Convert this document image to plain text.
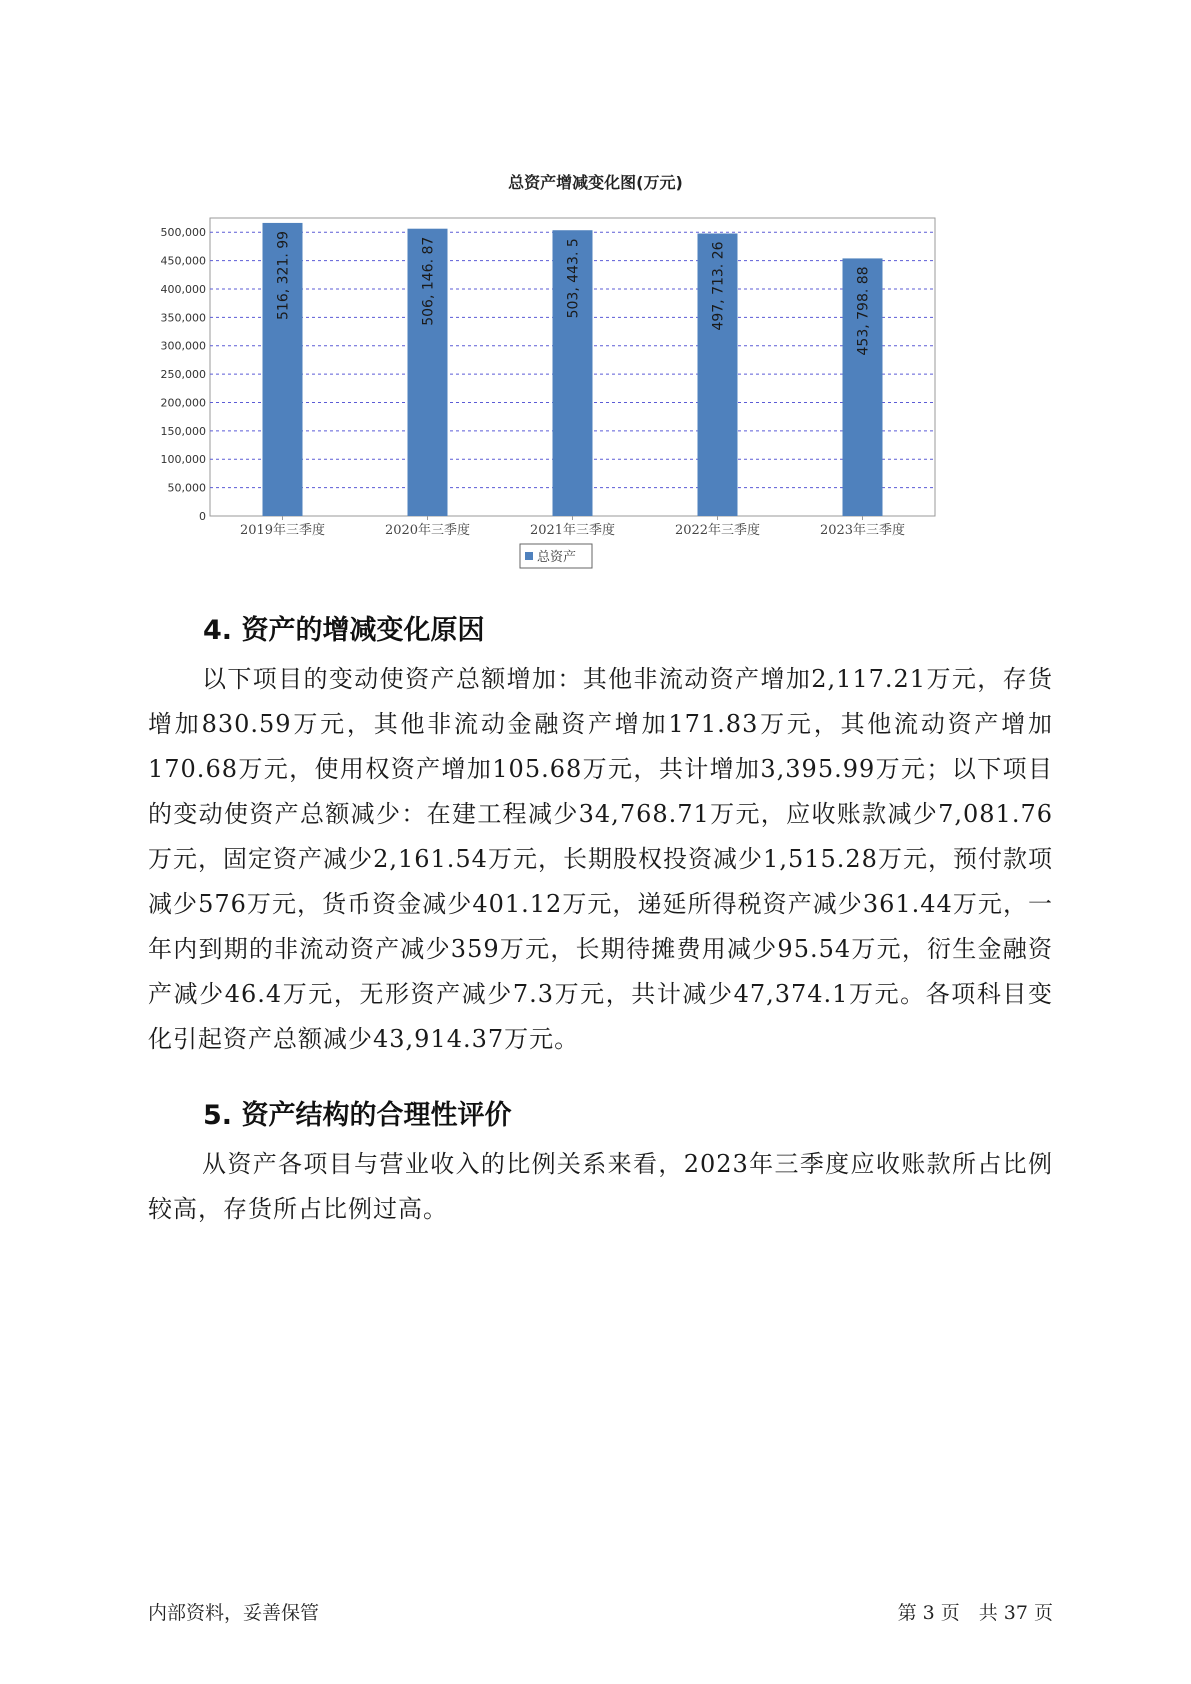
总资产增减变化图(万元)
0
50,000
100,000
150,000
200,000
250,000
300,000
350,000
400,000
450,000
500,000	516, 321. 99
2019年三季度
506, 146. 87
2020年三季度
503, 443. 5
2021年三季度
497, 713. 26
2022年三季度
453, 798. 88
2023年三季度
总资产
4. 资产的增减变化原因

以下项目的变动使资产总额增加：其他非流动资产增加2,117.21万元，存货增加830.59万元，其他非流动金融资产增加171.83万元，其他流动资产增加170.68万元，使用权资产增加105.68万元，共计增加3,395.99万元；以下项目的变动使资产总额减少：在建工程减少34,768.71万元，应收账款减少7,081.76万元，固定资产减少2,161.54万元，长期股权投资减少1,515.28万元，预付款项减少576万元，货币资金减少401.12万元，递延所得税资产减少361.44万元，一年内到期的非流动资产减少359万元，长期待摊费用减少95.54万元，衍生金融资产减少46.4万元，无形资产减少7.3万元，共计减少47,374.1万元。各项科目变化引起资产总额减少43,914.37万元。

5. 资产结构的合理性评价

从资产各项目与营业收入的比例关系来看，2023年三季度应收账款所占比例较高，存货所占比例过高。

内部资料，妥善保管	第 3 页　共 37 页
